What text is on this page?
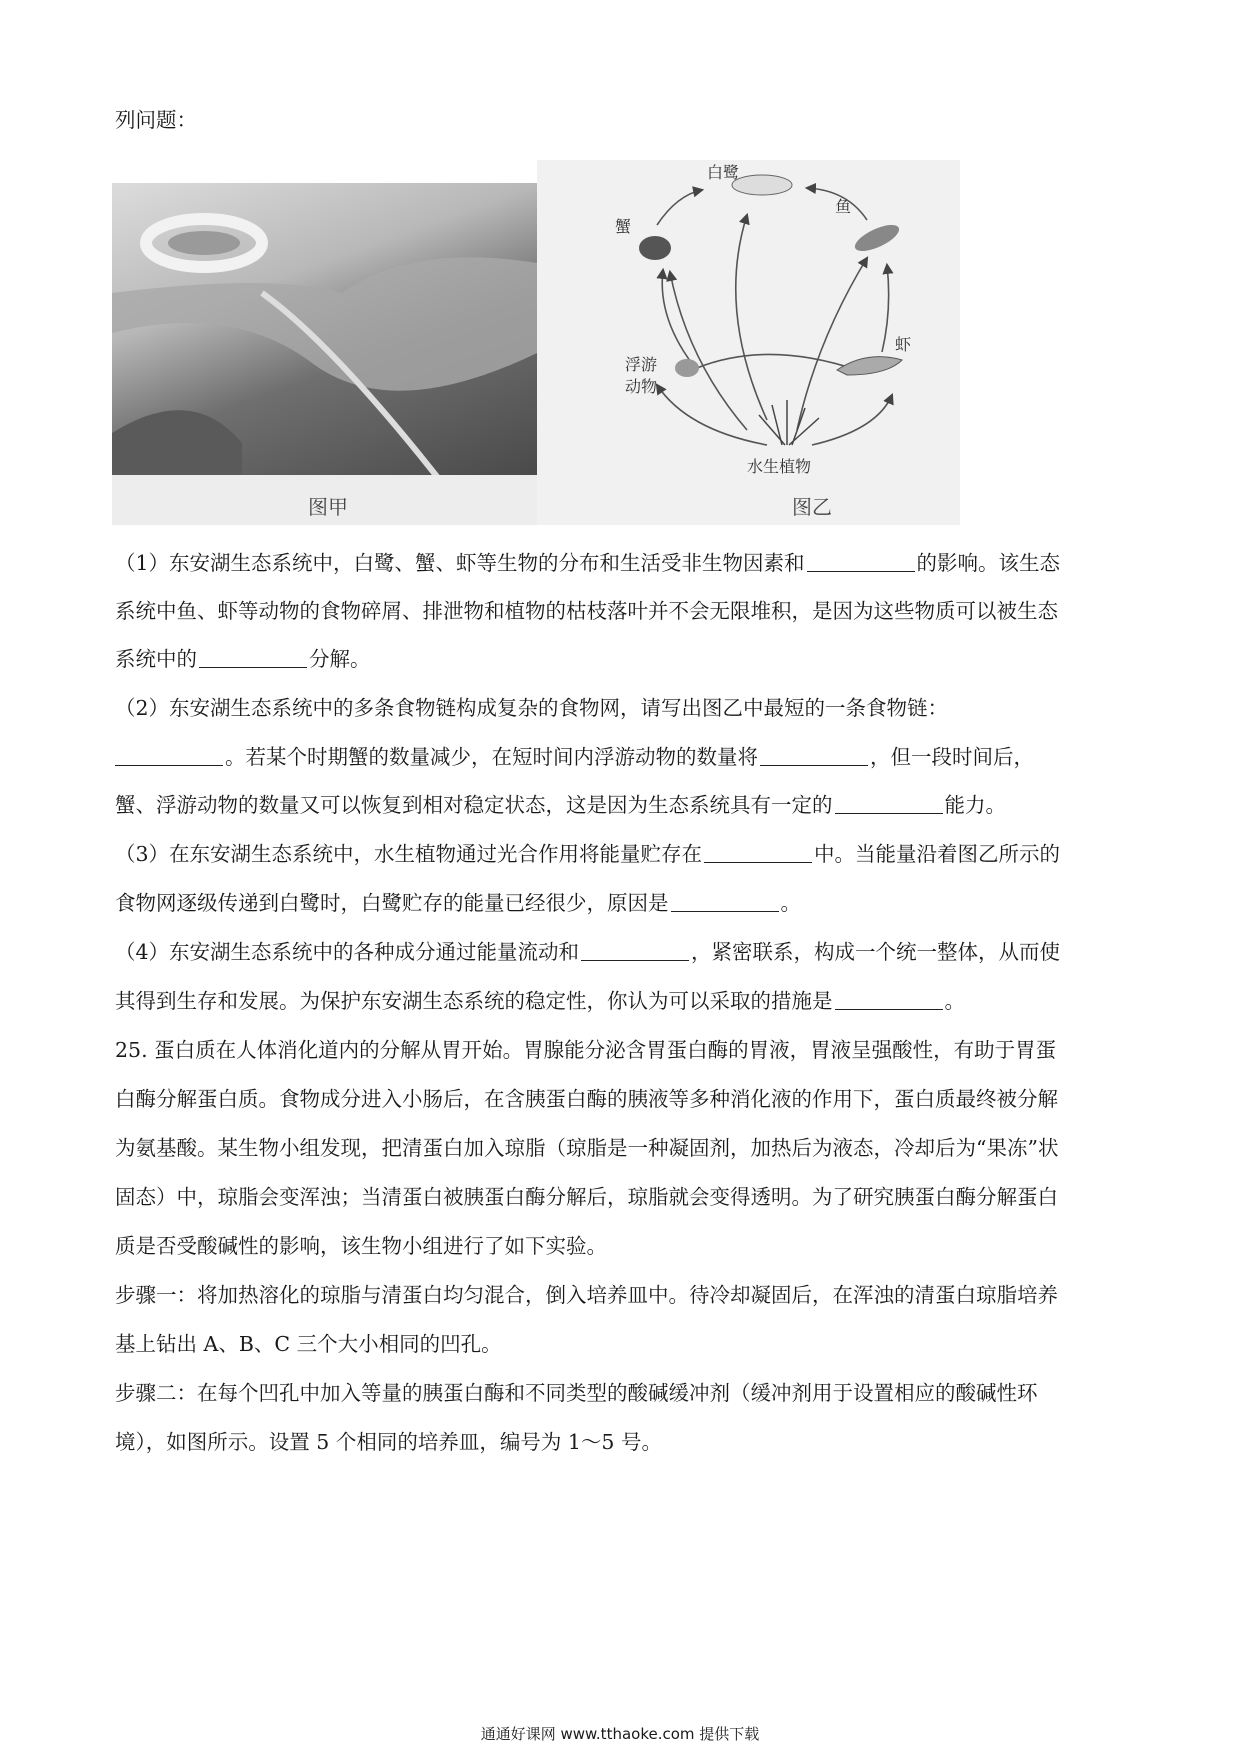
列问题：
图甲
白鹭
蟹
鱼
虾
浮游
动物
水生植物
图乙
（1）东安湖生态系统中，白鹭、蟹、虾等生物的分布和生活受非生物因素和	的影响。该生态
系统中鱼、虾等动物的食物碎屑、排泄物和植物的枯枝落叶并不会无限堆积，是因为这些物质可以被生态
系统中的	分解。
（2）东安湖生态系统中的多条食物链构成复杂的食物网，请写出图乙中最短的一条食物链：
。若某个时期蟹的数量减少，在短时间内浮游动物的数量将	，但一段时间后，
蟹、浮游动物的数量又可以恢复到相对稳定状态，这是因为生态系统具有一定的	能力。
（3）在东安湖生态系统中，水生植物通过光合作用将能量贮存在	中。当能量沿着图乙所示的
食物网逐级传递到白鹭时，白鹭贮存的能量已经很少，原因是	。
（4）东安湖生态系统中的各种成分通过能量流动和	，紧密联系，构成一个统一整体，从而使
其得到生存和发展。为保护东安湖生态系统的稳定性，你认为可以采取的措施是	。
25. 蛋白质在人体消化道内的分解从胃开始。胃腺能分泌含胃蛋白酶的胃液，胃液呈强酸性，有助于胃蛋
白酶分解蛋白质。食物成分进入小肠后，在含胰蛋白酶的胰液等多种消化液的作用下，蛋白质最终被分解
为氨基酸。某生物小组发现，把清蛋白加入琼脂（琼脂是一种凝固剂，加热后为液态，冷却后为“果冻”状
固态）中，琼脂会变浑浊；当清蛋白被胰蛋白酶分解后，琼脂就会变得透明。为了研究胰蛋白酶分解蛋白
质是否受酸碱性的影响，该生物小组进行了如下实验。
步骤一：将加热溶化的琼脂与清蛋白均匀混合，倒入培养皿中。待冷却凝固后，在浑浊的清蛋白琼脂培养
基上钻出 A、B、C 三个大小相同的凹孔。
步骤二：在每个凹孔中加入等量的胰蛋白酶和不同类型的酸碱缓冲剂（缓冲剂用于设置相应的酸碱性环
境），如图所示。设置 5 个相同的培养皿，编号为 1～5 号。
通通好课网 www.tthaoke.com 提供下载
